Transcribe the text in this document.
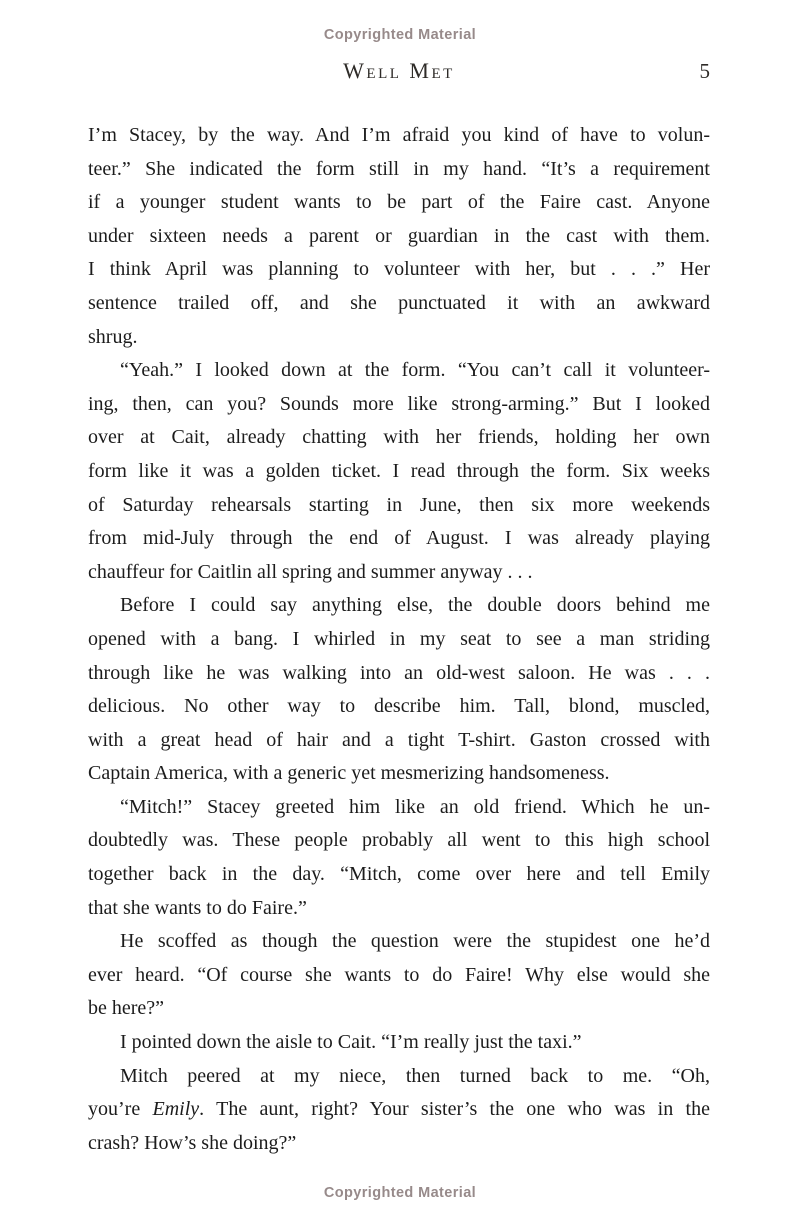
Copyrighted Material
Well Met	5
I’m Stacey, by the way. And I’m afraid you kind of have to volun-
teer.” She indicated the form still in my hand. “It’s a requirement
if a younger student wants to be part of the Faire cast. Anyone
under sixteen needs a parent or guardian in the cast with them.
I think April was planning to volunteer with her, but . . .” Her
sentence trailed off, and she punctuated it with an awkward
shrug.
“Yeah.” I looked down at the form. “You can’t call it volunteer-
ing, then, can you? Sounds more like strong-arming.” But I looked
over at Cait, already chatting with her friends, holding her own
form like it was a golden ticket. I read through the form. Six weeks
of Saturday rehearsals starting in June, then six more weekends
from mid-July through the end of August. I was already playing
chauffeur for Caitlin all spring and summer anyway . . .
Before I could say anything else, the double doors behind me
opened with a bang. I whirled in my seat to see a man striding
through like he was walking into an old-west saloon. He was . . .
delicious. No other way to describe him. Tall, blond, muscled,
with a great head of hair and a tight T-shirt. Gaston crossed with
Captain America, with a generic yet mesmerizing handsomeness.
“Mitch!” Stacey greeted him like an old friend. Which he un-
doubtedly was. These people probably all went to this high school
together back in the day. “Mitch, come over here and tell Emily
that she wants to do Faire.”
He scoffed as though the question were the stupidest one he’d
ever heard. “Of course she wants to do Faire! Why else would she
be here?”
I pointed down the aisle to Cait. “I’m really just the taxi.”
Mitch peered at my niece, then turned back to me. “Oh,
you’re Emily. The aunt, right? Your sister’s the one who was in the
crash? How’s she doing?”
Copyrighted Material
